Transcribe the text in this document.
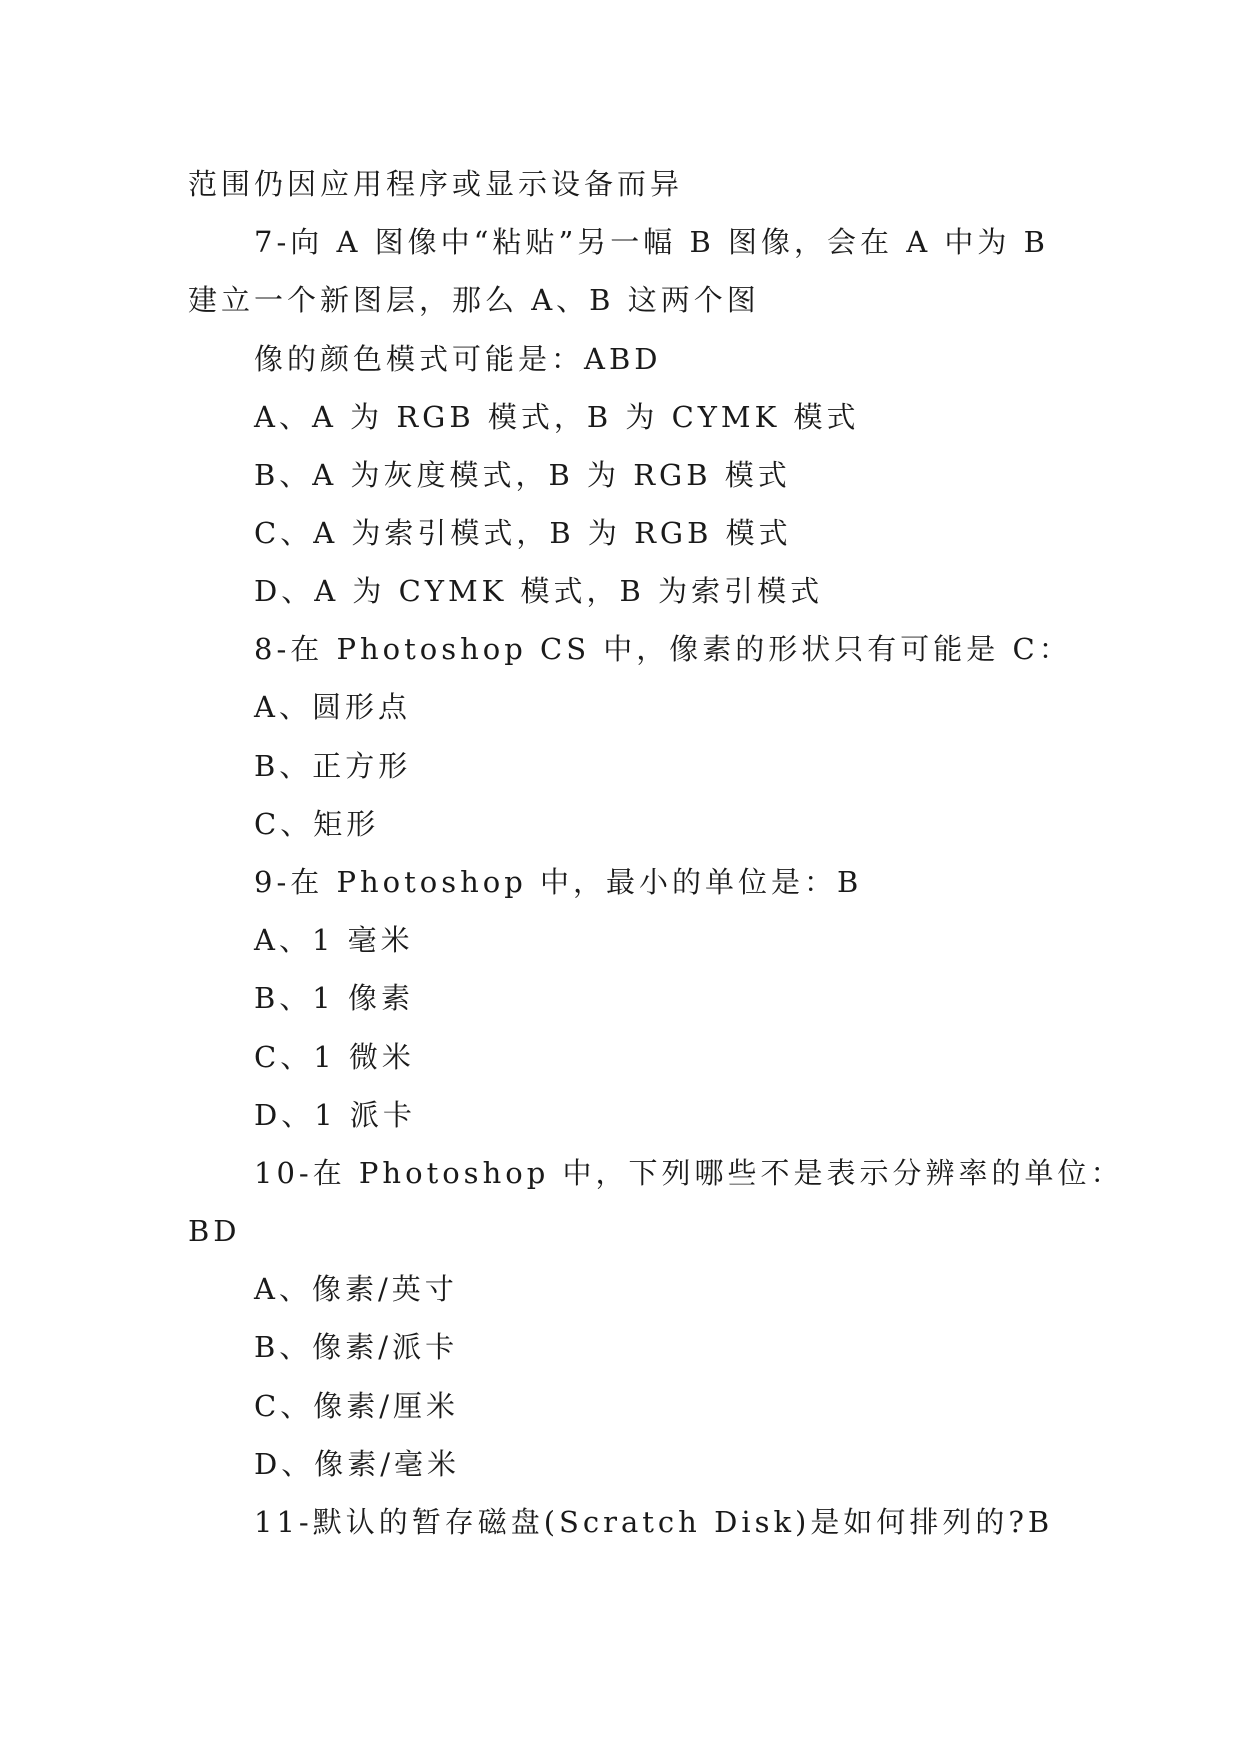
范围仍因应用程序或显示设备而异
7-向 A 图像中“粘贴”另一幅 B 图像，会在 A 中为 B
建立一个新图层，那么 A、B 这两个图
像的颜色模式可能是：ABD
A、A 为 RGB 模式，B 为 CYMK 模式
B、A 为灰度模式，B 为 RGB 模式
C、A 为索引模式，B 为 RGB 模式
D、A 为 CYMK 模式，B 为索引模式
8-在 Photoshop CS 中，像素的形状只有可能是 C：
A、圆形点
B、正方形
C、矩形
9-在 Photoshop 中，最小的单位是：B
A、1 毫米
B、1 像素
C、1 微米
D、1 派卡
10-在 Photoshop 中，下列哪些不是表示分辨率的单位：
BD
A、像素/英寸
B、像素/派卡
C、像素/厘米
D、像素/毫米
11-默认的暂存磁盘(Scratch Disk)是如何排列的?B
